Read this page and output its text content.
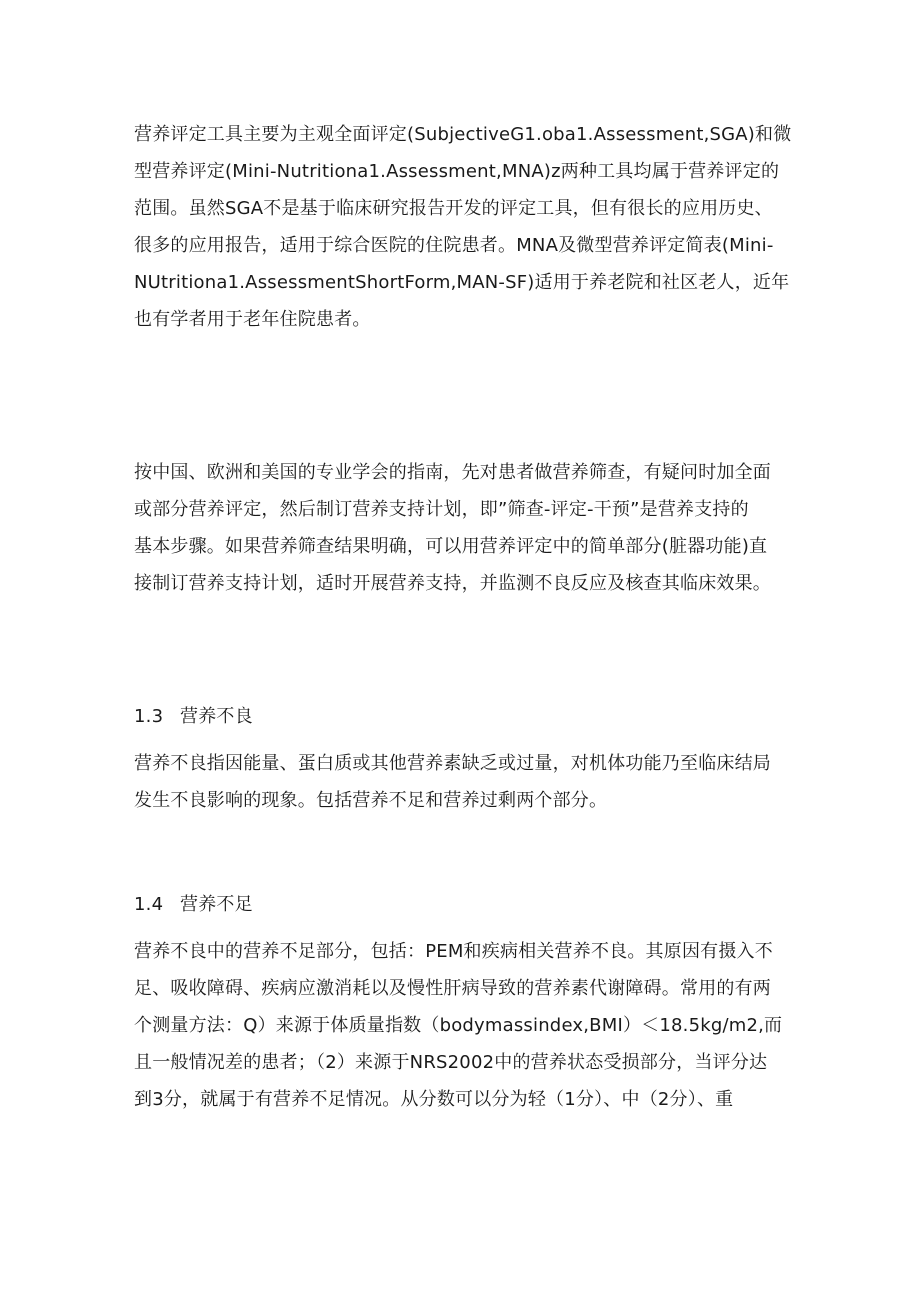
营养评定工具主要为主观全面评定(SubjectiveG1.oba1.Assessment,SGA)和微
型营养评定(Mini-Nutritiona1.Assessment,MNA)z两种工具均属于营养评定的
范围。虽然SGA不是基于临床研究报告开发的评定工具，但有很长的应用历史、
很多的应用报告，适用于综合医院的住院患者。MNA及微型营养评定简表(Mini-
NUtritiona1.AssessmentShortForm,MAN-SF)适用于养老院和社区老人，近年
也有学者用于老年住院患者。
按中国、欧洲和美国的专业学会的指南，先对患者做营养筛查，有疑问时加全面
或部分营养评定，然后制订营养支持计划，即”筛查-评定-干预”是营养支持的
基本步骤。如果营养筛查结果明确，可以用营养评定中的简单部分(脏器功能)直
接制订营养支持计划，适时开展营养支持，并监测不良反应及核查其临床效果。
1.3 营养不良
营养不良指因能量、蛋白质或其他营养素缺乏或过量，对机体功能乃至临床结局
发生不良影响的现象。包括营养不足和营养过剩两个部分。
1.4 营养不足
营养不良中的营养不足部分，包括：PEM和疾病相关营养不良。其原因有摄入不
足、吸收障碍、疾病应激消耗以及慢性肝病导致的营养素代谢障碍。常用的有两
个测量方法：Q）来源于体质量指数（bodymassindex,BMI）＜18.5kg/m2,而
且一般情况差的患者；（2）来源于NRS2002中的营养状态受损部分，当评分达
到3分，就属于有营养不足情况。从分数可以分为轻（1分）、中（2分）、重
